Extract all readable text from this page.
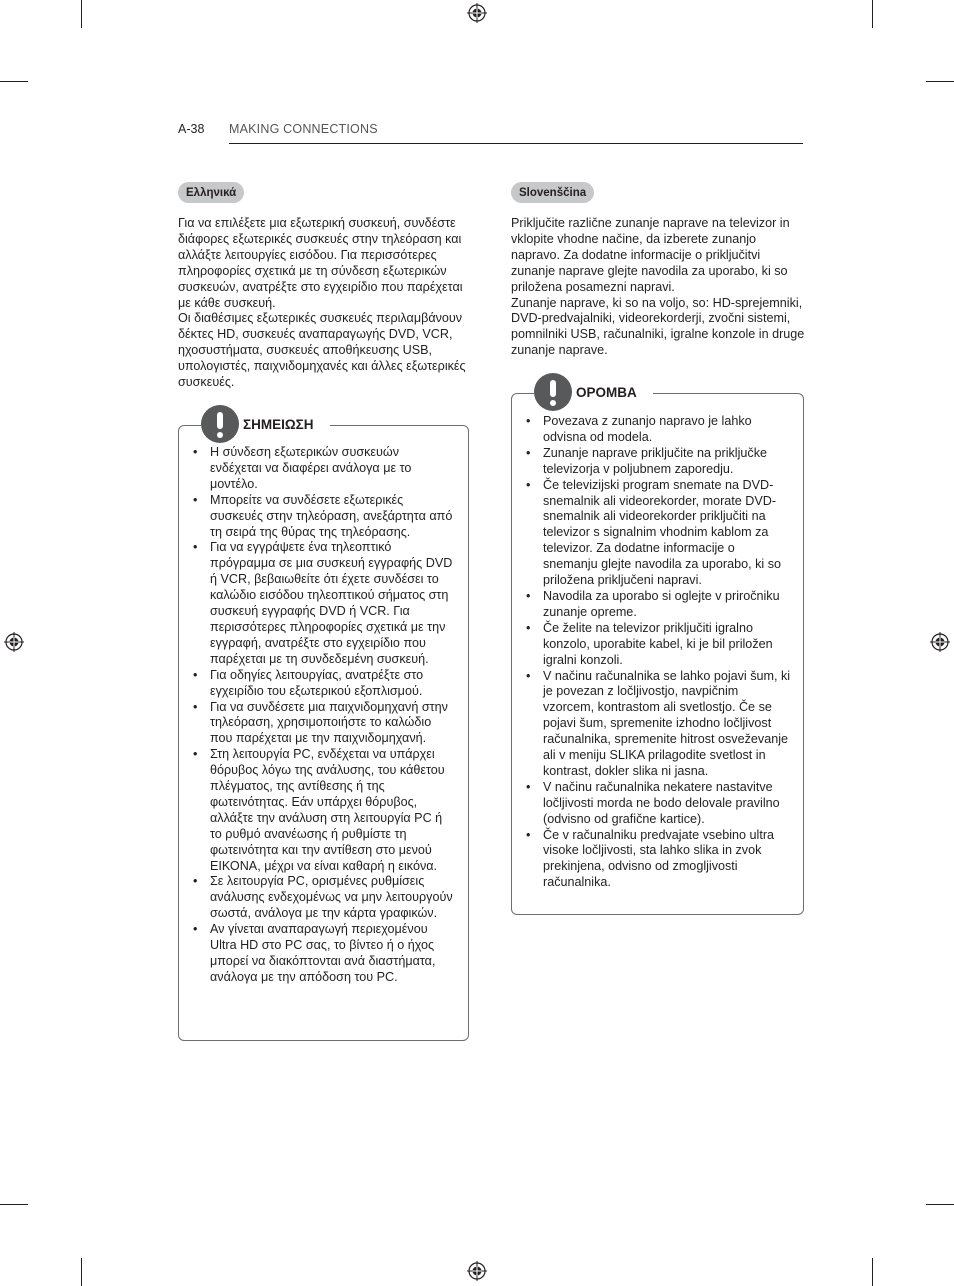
A-38 MAKING CONNECTIONS
Ελληνικά

Για να επιλέξετε μια εξωτερική συσκευή, συνδέστε διάφορες εξωτερικές συσκευές στην τηλεόραση και αλλάξτε λειτουργίες εισόδου. Για περισσότερες πληροφορίες σχετικά με τη σύνδεση εξωτερικών συσκευών, ανατρέξτε στο εγχειρίδιο που παρέχεται με κάθε συσκευή.

Οι διαθέσιμες εξωτερικές συσκευές περιλαμβάνουν δέκτες HD, συσκευές αναπαραγωγής DVD, VCR, ηχοσυστήματα, συσκευές αποθήκευσης USB, υπολογιστές, παιχνιδομηχανές και άλλες εξωτερικές συσκευές.

ΣΗΜΕΙΩΣΗ
• Η σύνδεση εξωτερικών συσκευών ενδέχεται να διαφέρει ανάλογα με το μοντέλο.
• Μπορείτε να συνδέσετε εξωτερικές συσκευές στην τηλεόραση, ανεξάρτητα από τη σειρά της θύρας της τηλεόρασης.
• Για να εγγράψετε ένα τηλεοπτικό πρόγραμμα σε μια συσκευή εγγραφής DVD ή VCR, βεβαιωθείτε ότι έχετε συνδέσει το καλώδιο εισόδου τηλεοπτικού σήματος στη συσκευή εγγραφής DVD ή VCR. Για περισσότερες πληροφορίες σχετικά με την εγγραφή, ανατρέξτε στο εγχειρίδιο που παρέχεται με τη συνδεδεμένη συσκευή.
• Για οδηγίες λειτουργίας, ανατρέξτε στο εγχειρίδιο του εξωτερικού εξοπλισμού.
• Για να συνδέσετε μια παιχνιδομηχανή στην τηλεόραση, χρησιμοποιήστε το καλώδιο που παρέχεται με την παιχνιδομηχανή.
• Στη λειτουργία PC, ενδέχεται να υπάρχει θόρυβος λόγω της ανάλυσης, του κάθετου πλέγματος, της αντίθεσης ή της φωτεινότητας. Εάν υπάρχει θόρυβος, αλλάξτε την ανάλυση στη λειτουργία PC ή το ρυθμό ανανέωσης ή ρυθμίστε τη φωτεινότητα και την αντίθεση στο μενού ΕΙΚΟΝΑ, μέχρι να είναι καθαρή η εικόνα.
• Σε λειτουργία PC, ορισμένες ρυθμίσεις ανάλυσης ενδεχομένως να μην λειτουργούν σωστά, ανάλογα με την κάρτα γραφικών.
• Αν γίνεται αναπαραγωγή περιεχομένου Ultra HD στο PC σας, το βίντεο ή ο ήχος μπορεί να διακόπτονται ανά διαστήματα, ανάλογα με την απόδοση του PC.
Slovenščina

Priključite različne zunanje naprave na televizor in vklopite vhodne načine, da izberete zunanjo napravo. Za dodatne informacije o priključitvi zunanje naprave glejte navodila za uporabo, ki so priložena posamezni napravi.

Zunanje naprave, ki so na voljo, so: HD-sprejemniki, DVD-predvajalniki, videorekorderji, zvočni sistemi, pomnilniki USB, računalniki, igralne konzole in druge zunanje naprave.

OPOMBA
• Povezava z zunanjo napravo je lahko odvisna od modela.
• Zunanje naprave priključite na priključke televizorja v poljubnem zaporedju.
• Če televizijski program snemate na DVD-snemalnik ali videorekorder, morate DVD-snemalnik ali videorekorder priključiti na televizor s signalnim vhodnim kablom za televizor. Za dodatne informacije o snemanju glejte navodila za uporabo, ki so priložena priključeni napravi.
• Navodila za uporabo si oglejte v priročniku zunanje opreme.
• Če želite na televizor priključiti igralno konzolo, uporabite kabel, ki je bil priložen igralni konzoli.
• V načinu računalnika se lahko pojavi šum, ki je povezan z ločljivostjo, navpičnim vzorcem, kontrastom ali svetlostjo. Če se pojavi šum, spremenite izhodno ločljivost računalnika, spremenite hitrost osveževanje ali v meniju SLIKA prilagodite svetlost in kontrast, dokler slika ni jasna.
• V načinu računalnika nekatere nastavitve ločljivosti morda ne bodo delovale pravilno (odvisno od grafične kartice).
• Če v računalniku predvajate vsebino ultra visoke ločljivosti, sta lahko slika in zvok prekinjena, odvisno od zmogljivosti računalnika.
